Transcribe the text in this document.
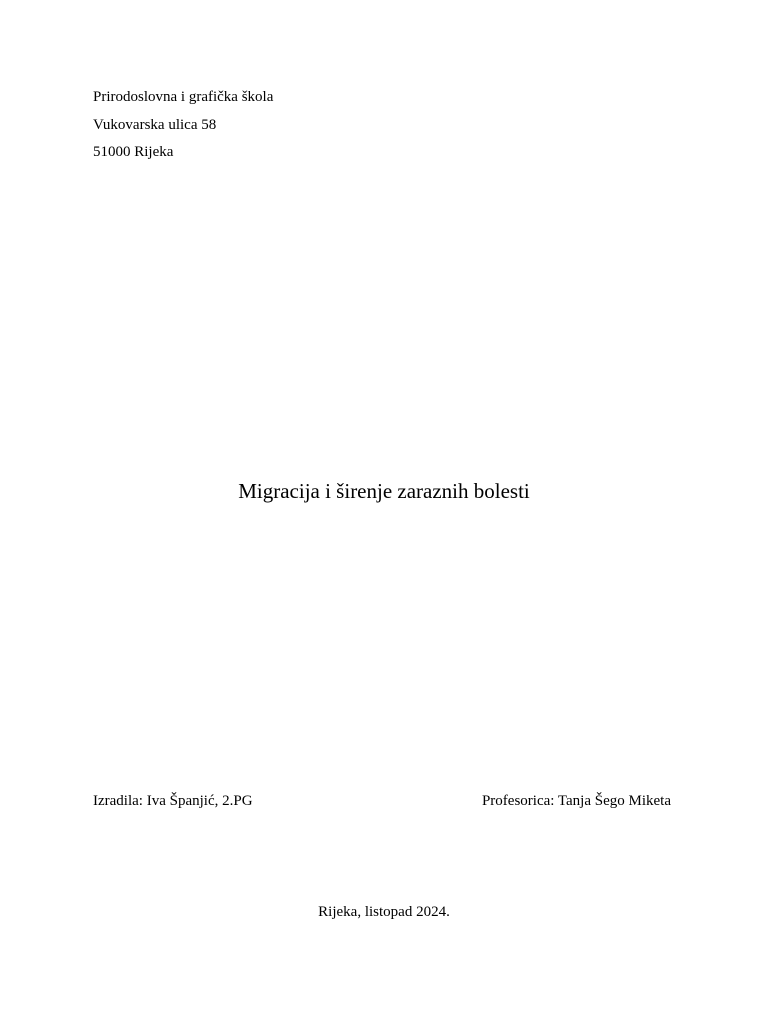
Prirodoslovna i grafička škola
Vukovarska ulica 58
51000 Rijeka
Migracija i širenje zaraznih bolesti
Izradila: Iva Španjić, 2.PG	Profesorica: Tanja Šego Miketa
Rijeka, listopad 2024.
